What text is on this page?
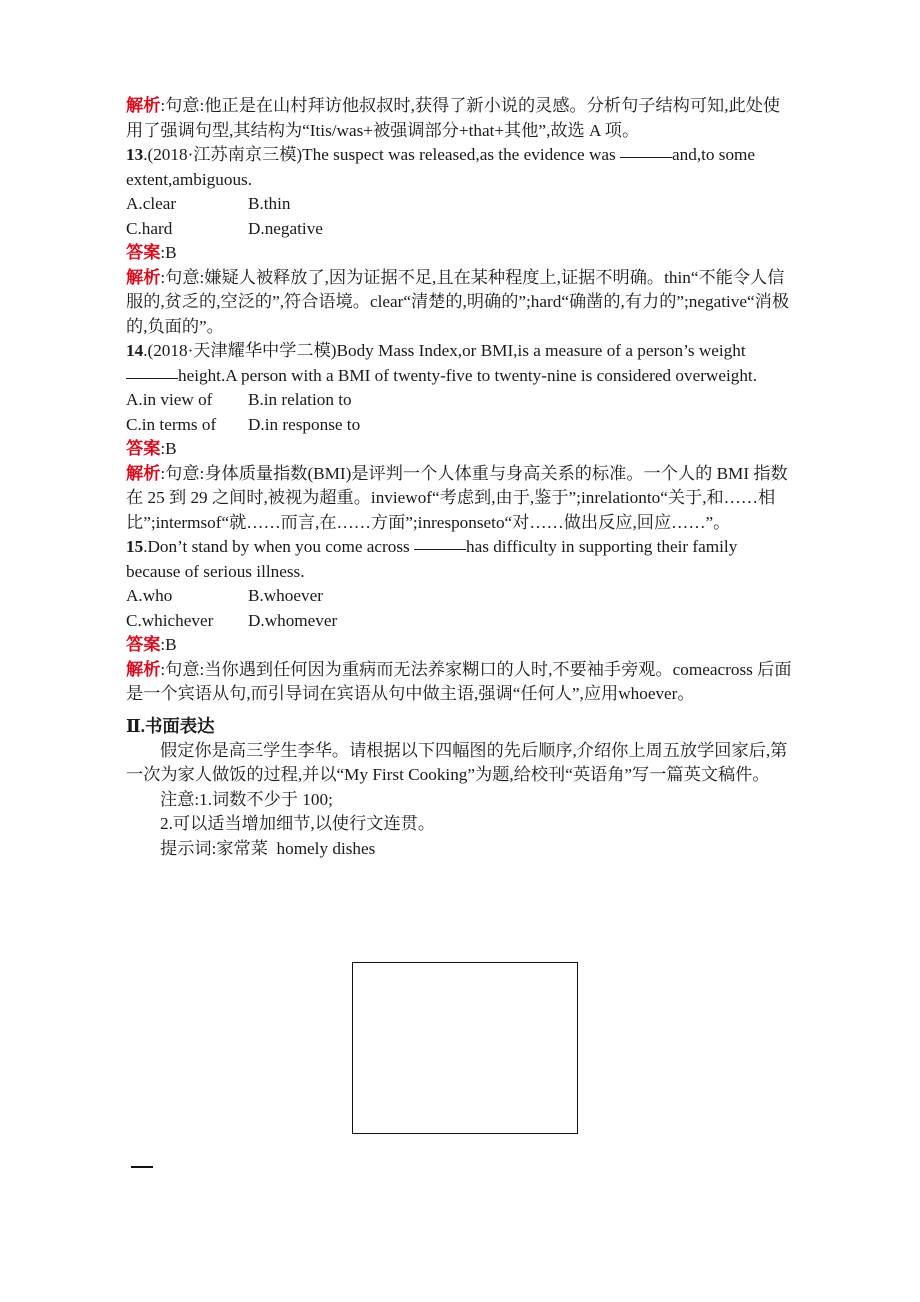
解析:句意:他正是在山村拜访他叔叔时,获得了新小说的灵感。分析句子结构可知,此处使用了强调句型,其结构为“Itis/was+被强调部分+that+其他”,故选 A 项。
13.(2018·江苏南京三模)The suspect was released,as the evidence was	and,to some extent,ambiguous.
A.clear	B.thin
C.hard	D.negative
答案:B
解析:句意:嫌疑人被释放了,因为证据不足,且在某种程度上,证据不明确。thin“不能令人信服的,贫乏的,空泛的”,符合语境。clear“清楚的,明确的”;hard“确凿的,有力的”;negative“消极的,负面的”。
14.(2018·天津耀华中学二模)Body Mass Index,or BMI,is a measure of a person’s weight height.A person with a BMI of twenty-five to twenty-nine is considered overweight.
A.in view of B.in relation to
C.in terms of D.in response to
答案:B
解析:句意:身体质量指数(BMI)是评判一个人体重与身高关系的标准。一个人的 BMI 指数在 25 到 29 之间时,被视为超重。inviewof“考虑到,由于,鉴于”;inrelationto“关于,和……相比”;intermsof“就……而言,在……方面”;inresponseto“对……做出反应,回应……”。
15.Don’t stand by when you come across	has difficulty in supporting their family because of serious illness.
A.who	B.whoever
C.whichever D.whomever
答案:B
解析:句意:当你遇到任何因为重病而无法养家糊口的人时,不要袖手旁观。comeacross 后面是一个宾语从句,而引导词在宾语从句中做主语,强调“任何人”,应用whoever。
Ⅱ.书面表达
假定你是高三学生李华。请根据以下四幅图的先后顺序,介绍你上周五放学回家后,第一次为家人做饭的过程,并以“My First Cooking”为题,给校刊“英语角”写一篇英文稿件。
注意:1.词数不少于 100;
2.可以适当增加细节,以使行文连贯。
提示词:家常菜  homely dishes
